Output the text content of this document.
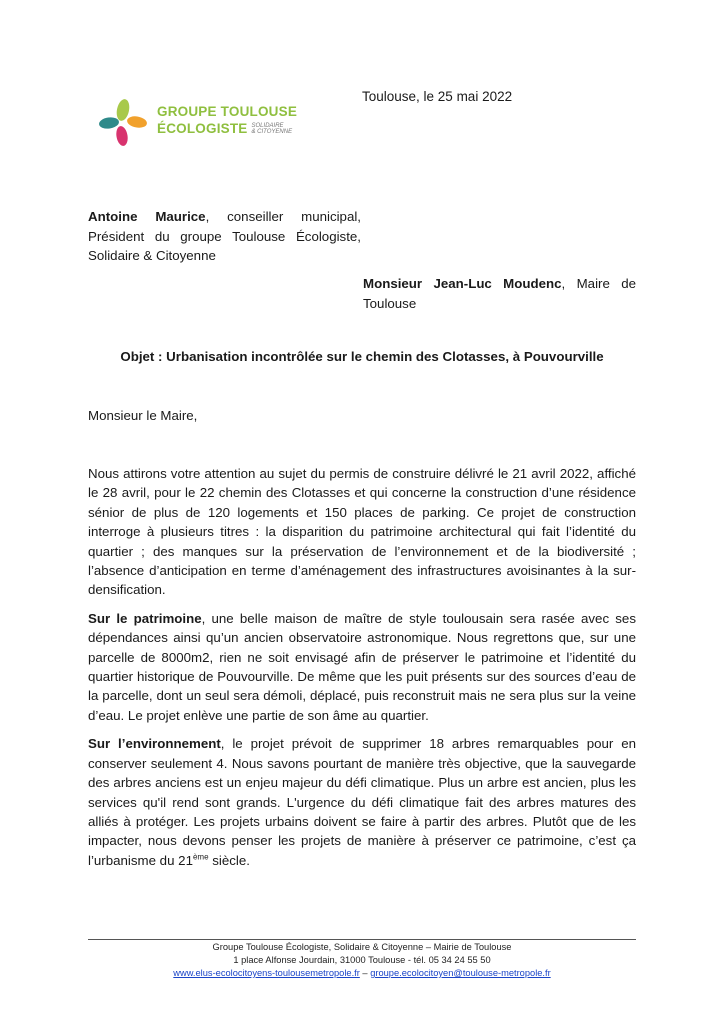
GROUPE TOULOUSE
ÉCOLOGISTE SOLIDAIRE
& CITOYENNE
Toulouse, le 25 mai 2022
Antoine Maurice, conseiller municipal,
Président du groupe Toulouse Écologiste,
Solidaire & Citoyenne
Monsieur Jean-Luc Moudenc, Maire de
Toulouse
Objet : Urbanisation incontrôlée sur le chemin des Clotasses, à Pouvourville
Monsieur le Maire,

Nous attirons votre attention au sujet du permis de construire délivré le 21 avril 2022, affiché le 28 avril, pour le 22 chemin des Clotasses et qui concerne la construction d’une résidence sénior de plus de 120 logements et 150 places de parking. Ce projet de construction interroge à plusieurs titres : la disparition du patrimoine architectural qui fait l’identité du quartier ; des manques sur la préservation de l’environnement et de la biodiversité ; l’absence d’anticipation en terme d’aménagement des infrastructures avoisinantes à la sur-densification.

Sur le patrimoine, une belle maison de maître de style toulousain sera rasée avec ses dépendances ainsi qu’un ancien observatoire astronomique. Nous regrettons que, sur une parcelle de 8000m2, rien ne soit envisagé afin de préserver le patrimoine et l’identité du quartier historique de Pouvourville. De même que les puit présents sur des sources d’eau de la parcelle, dont un seul sera démoli, déplacé, puis reconstruit mais ne sera plus sur la veine d’eau. Le projet enlève une partie de son âme au quartier.

Sur l’environnement, le projet prévoit de supprimer 18 arbres remarquables pour en conserver seulement 4. Nous savons pourtant de manière très objective, que la sauvegarde des arbres anciens est un enjeu majeur du défi climatique. Plus un arbre est ancien, plus les services qu'il rend sont grands. L'urgence du défi climatique fait des arbres matures des alliés à protéger. Les projets urbains doivent se faire à partir des arbres. Plutôt que de les impacter, nous devons penser les projets de manière à préserver ce patrimoine, c’est ça l’urbanisme du 21ème siècle.

Groupe Toulouse Écologiste, Solidaire & Citoyenne – Mairie de Toulouse
1 place Alfonse Jourdain, 31000 Toulouse - tél. 05 34 24 55 50
www.elus-ecolocitoyens-toulousemetropole.fr – groupe.ecolocitoyen@toulouse-metropole.fr
